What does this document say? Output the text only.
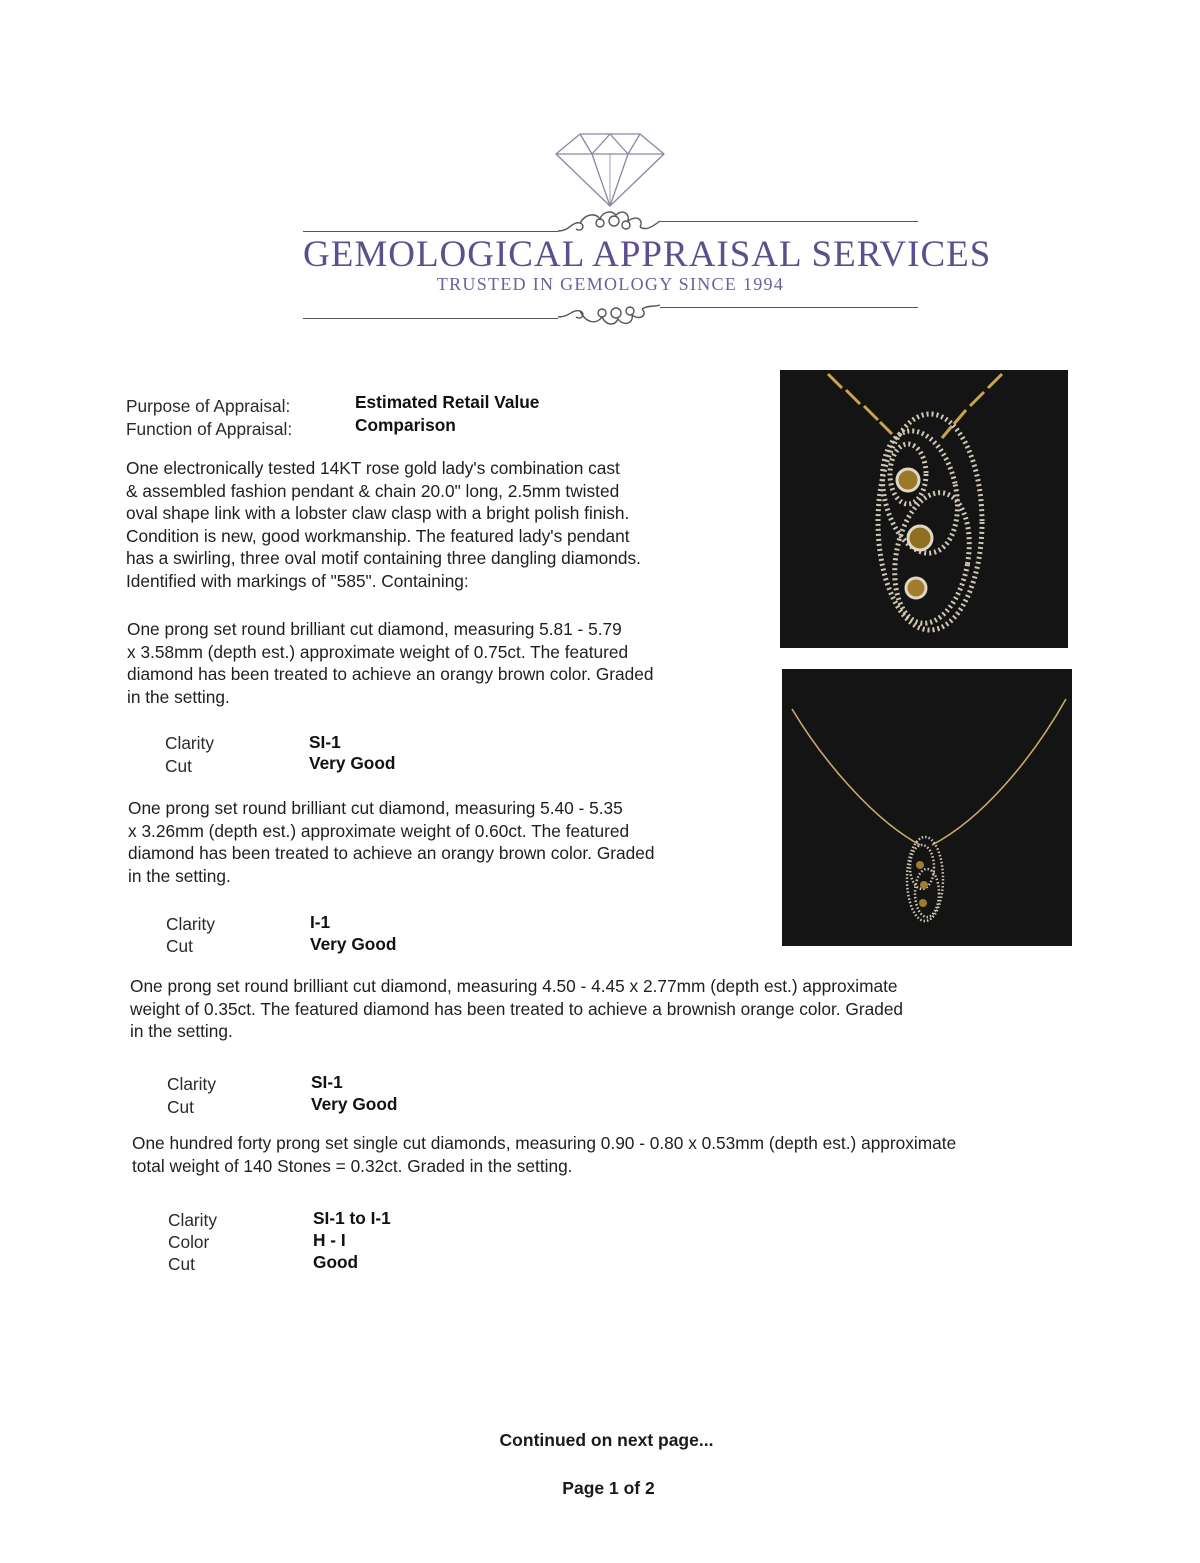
GEMOLOGICAL APPRAISAL SERVICES
TRUSTED IN GEMOLOGY SINCE 1994
Purpose of Appraisal:	Estimated Retail Value
Function of Appraisal:	Comparison
One electronically tested 14KT rose gold lady's combination cast
& assembled fashion pendant & chain 20.0" long, 2.5mm twisted
oval shape link with a lobster claw clasp with a bright polish finish.
Condition is new, good workmanship. The featured lady's pendant
has a swirling, three oval motif containing three dangling diamonds.
Identified with markings of "585". Containing:
One prong set round brilliant cut diamond, measuring 5.81 - 5.79
x 3.58mm (depth est.) approximate weight of 0.75ct. The featured
diamond has been treated to achieve an orangy brown color. Graded
in the setting.
Clarity	SI-1
Cut	Very Good
One prong set round brilliant cut diamond, measuring 5.40 - 5.35
x 3.26mm (depth est.) approximate weight of 0.60ct. The featured
diamond has been treated to achieve an orangy brown color. Graded
in the setting.
Clarity	I-1
Cut	Very Good
One prong set round brilliant cut diamond, measuring 4.50 - 4.45 x 2.77mm (depth est.) approximate
weight of 0.35ct. The featured diamond has been treated to achieve a brownish orange color. Graded
in the setting.
Clarity	SI-1
Cut	Very Good
One hundred forty prong set single cut diamonds, measuring 0.90 - 0.80 x 0.53mm (depth est.) approximate
total weight of 140 Stones = 0.32ct. Graded in the setting.
Clarity	SI-1 to I-1
Color	H - I
Cut	Good
Continued on next page...
Page 1 of 2
